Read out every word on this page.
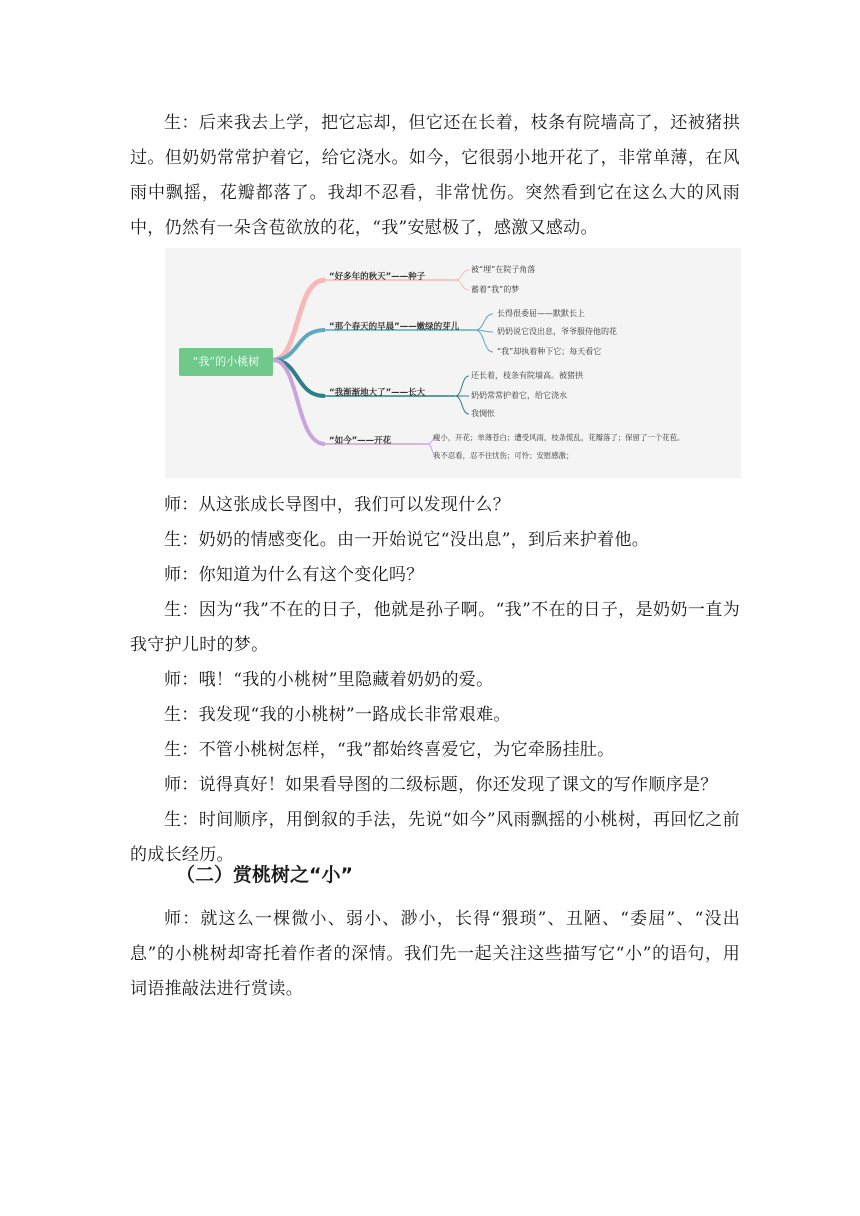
生：后来我去上学，把它忘却，但它还在长着，枝条有院墙高了，还被猪拱过。但奶奶常常护着它，给它浇水。如今，它很弱小地开花了，非常单薄，在风雨中飘摇，花瓣都落了。我却不忍看，非常忧伤。突然看到它在这么大的风雨中，仍然有一朵含苞欲放的花，“我”安慰极了，感激又感动。

“我”的小桃树
“好多年的秋天”——种子
“那个春天的早晨”——嫩绿的芽儿
“我渐渐地大了”——长大
“如今”——开花
被“埋”在院子角落
蓄着“我”的梦
长得很委屈——默默长上
奶奶说它没出息，爷爷服侍他的花
“我”却执着种下它；每天看它
还长着，枝条有院墙高。被猪拱
奶奶常常护着它，给它浇水
我惆怅
瘦小，开花；单薄苍白；遭受风雨，枝条慌乱，花瓣落了；保留了一个花苞。
我不忍看，忍不住忧伤；可怜；安慰感激；

师：从这张成长导图中，我们可以发现什么？

生：奶奶的情感变化。由一开始说它“没出息”，到后来护着他。

师：你知道为什么有这个变化吗？

生：因为“我”不在的日子，他就是孙子啊。“我”不在的日子，是奶奶一直为我守护儿时的梦。

师：哦！“我的小桃树”里隐藏着奶奶的爱。

生：我发现“我的小桃树”一路成长非常艰难。

生：不管小桃树怎样，“我”都始终喜爱它，为它牵肠挂肚。

师：说得真好！如果看导图的二级标题，你还发现了课文的写作顺序是？

生：时间顺序，用倒叙的手法，先说“如今”风雨飘摇的小桃树，再回忆之前的成长经历。

（二）赏桃树之“小”

师：就这么一棵微小、弱小、渺小，长得“猥琐”、丑陋、“委屈”、“没出息”的小桃树却寄托着作者的深情。我们先一起关注这些描写它“小”的语句，用词语推敲法进行赏读。
